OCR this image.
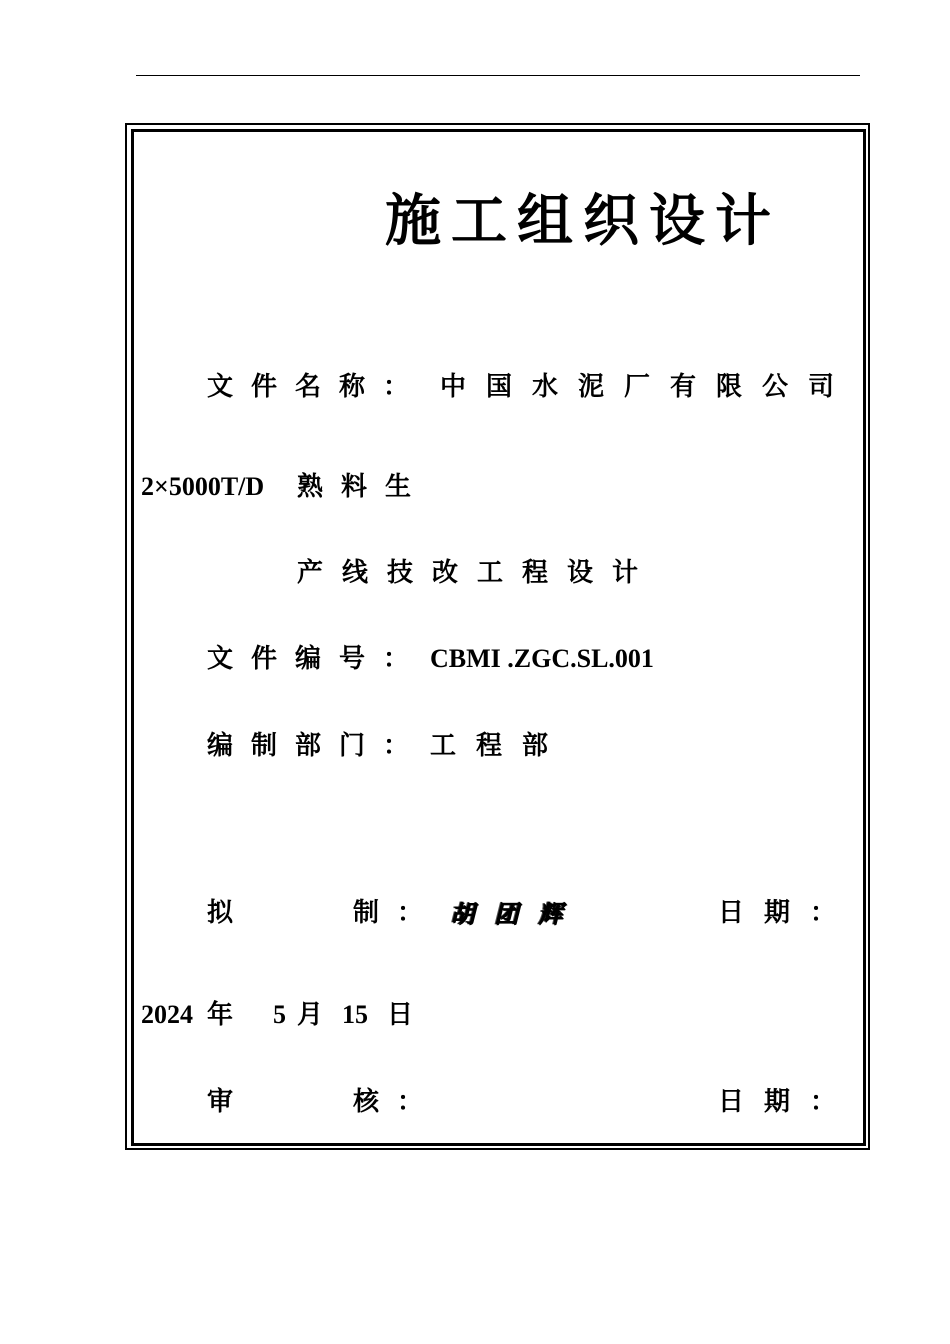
施工组织设计
文件名称： 中国水泥厂有限公司
2×5000T/D 熟料生
产线技改工程设计
文件编号： CBMI .ZGC.SL.001
编制部门： 工程部
拟	制： 胡团辉	日期：
2024 年 5 月 15 日
审	核：	日期：
